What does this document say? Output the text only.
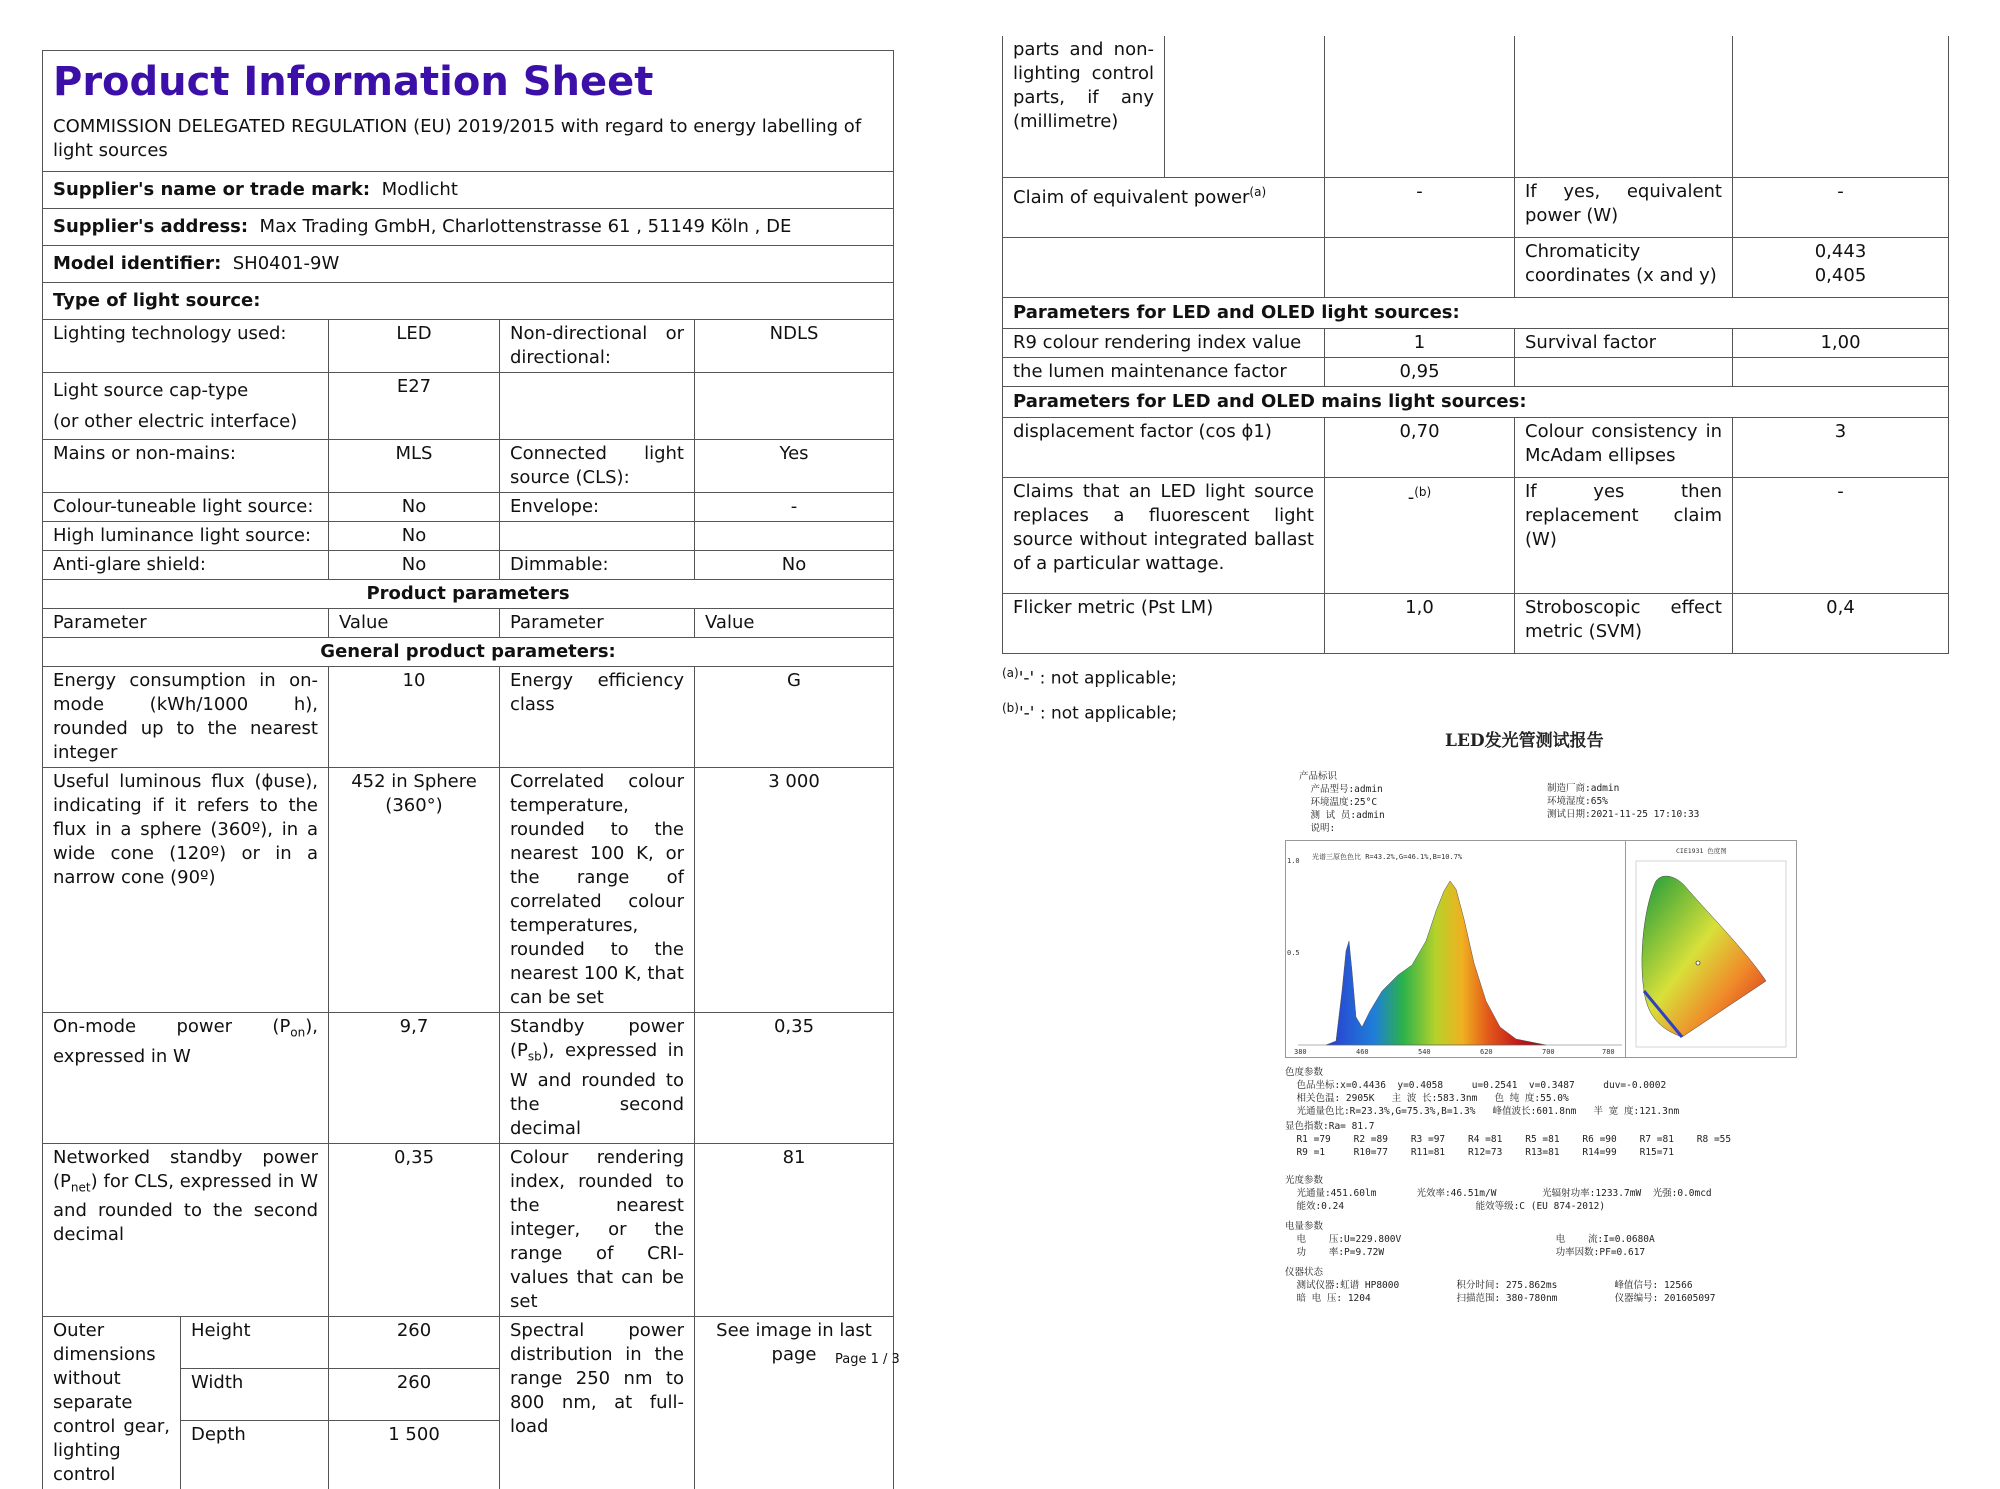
Product Information Sheet
COMMISSION DELEGATED REGULATION (EU) 2019/2015 with regard to energy labelling of light sources				

Supplier's name or trade mark: Modlicht				
Supplier's address: Max Trading GmbH, Charlottenstrasse 61 , 51149 Köln , DE				
Model identifier: SH0401-9W				
Type of light source:				
Lighting technology used:		LED	Non-directional or directional:	NDLS

Light source cap-type
(or other electric interface)		E27		
Mains or non-mains:		MLS	Connected light source (CLS):	Yes
Colour-tuneable light source:		No	Envelope:	-
High luminance light source:		No		
Anti-glare shield:		No	Dimmable:	No
Product parameters				
Parameter		Value	Parameter	Value
General product parameters:				
Energy consumption in on-mode (kWh/1000 h), rounded up to the nearest integer		10	Energy efficiency class	G
Useful luminous flux (ϕuse), indicating if it refers to the flux in a sphere (360º), in a wide cone (120º) or in a narrow cone (90º)		452 in Sphere (360°)	Correlated colour temperature, rounded to the nearest 100 K, or the range of correlated colour temperatures, rounded to the nearest 100 K, that can be set	3 000
On-mode power $(P_{on})$, expressed in W		9,7	Standby power $(P_{sb})$, expressed in W and rounded to the second decimal	0,35
Networked standby power $(P_{net})$ for CLS, expressed in W and rounded to the second decimal		0,35	Colour rendering index, rounded to the nearest integer, or the range of CRI-values that can be set	81
Outer dimensions without separate control gear, lighting control	Height	260	Spectral power distribution in the range 250 nm to 800 nm, at full-load	See image in last page
	Width	260		
	Depth	1 500		
Page 1 / 3
parts and non-lighting control parts, if any (millimetre)				
Claim of equivalent power$^{(a)}$		-	If yes, equivalent power (W)	-
			Chromaticity coordinates (x and y)	0,443
0,405

Parameters for LED and OLED light sources:				
R9 colour rendering index value		1	Survival factor	1,00
the lumen maintenance factor		0,95		
Parameters for LED and OLED mains light sources:				
displacement factor (cos ϕ1)		0,70	Colour consistency in McAdam ellipses	3
Claims that an LED light source replaces a fluorescent light source without integrated ballast of a particular wattage.		-$^{(b)}$	If yes then replacement claim (W)	-
Flicker metric (Pst LM)		1,0	Stroboscopic effect metric (SVM)	0,4
$^{(a)}$'-' : not applicable;
$^{(b)}$'-' : not applicable;
LED发光管测试报告
产品标识
产品型号:admin
环境温度:25°C
测 试 员:admin
说明:
制造厂商:admin
环境湿度:65%
测试日期:2021-11-25 17:10:33
光谱三原色色比 R=43.2%,G=46.1%,B=10.7%
380	460	540	620	700	780
1.0
0.5
CIE1931 色度图
色度参数
色品坐标:x=0.4436  y=0.4058     u=0.2541  v=0.3487     duv=-0.0002
相关色温: 2905K   主 波 长:583.3nm   色 纯 度:55.0%
光通量色比:R=23.3%,G=75.3%,B=1.3%   峰值波长:601.8nm   半 宽 度:121.3nm
显色指数:Ra= 81.7
R1 =79    R2 =89    R3 =97    R4 =81    R5 =81    R6 =90    R7 =81    R8 =55
R9 =1     R10=77    R11=81    R12=73    R13=81    R14=99    R15=71
光度参数
光通量:451.60lm       光效率:46.51m/W        光辐射功率:1233.7mW  光强:0.0mcd
能效:0.24                       能效等级:C (EU 874-2012)
电量参数
电    压:U=229.800V                           电    流:I=0.0680A
功    率:P=9.72W                              功率因数:PF=0.617
仪器状态
测试仪器:虹谱 HP8000          积分时间: 275.862ms          峰值信号: 12566
暗 电 压: 1204               扫描范围: 380-780nm          仪器编号: 201605097
